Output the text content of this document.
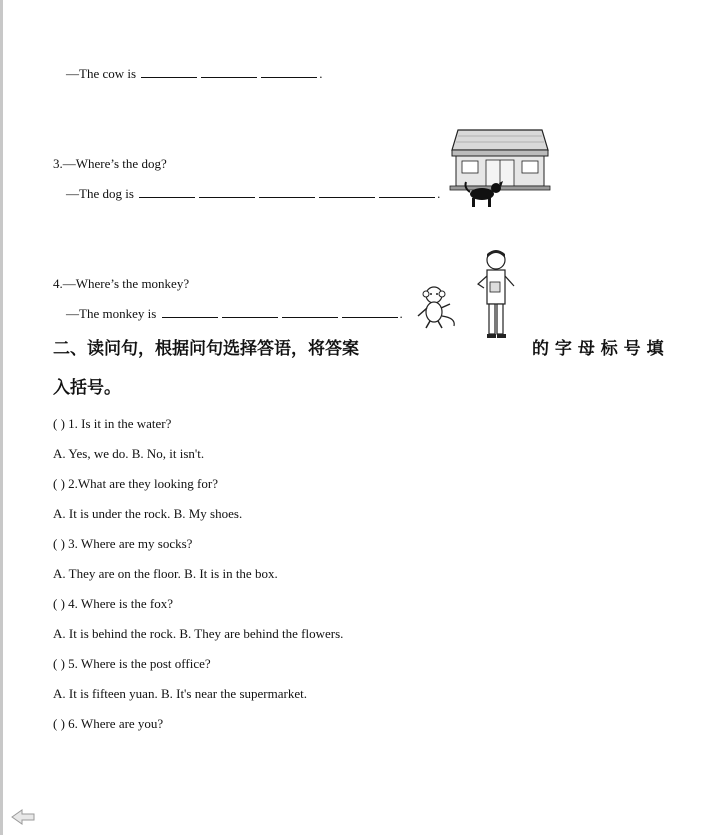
—The cow is	.
3.—Where’s the dog?
—The dog is	.
4.—Where’s the monkey?
—The monkey is	.
二、读问句，根据问句选择答语，将答案	的 字 母 标 号 填
入括号。
( ) 1. Is it in the water?
A. Yes, we do. B. No, it isn't.
( ) 2.What are they looking for?
A. It is under the rock. B. My shoes.
( ) 3. Where are my socks?
A. They are on the floor. B. It is in the box.
( ) 4. Where is the fox?
A. It is behind the rock. B. They are behind the flowers.
( ) 5. Where is the post office?
A. It is fifteen yuan. B. It's near the supermarket.
( ) 6. Where are you?
